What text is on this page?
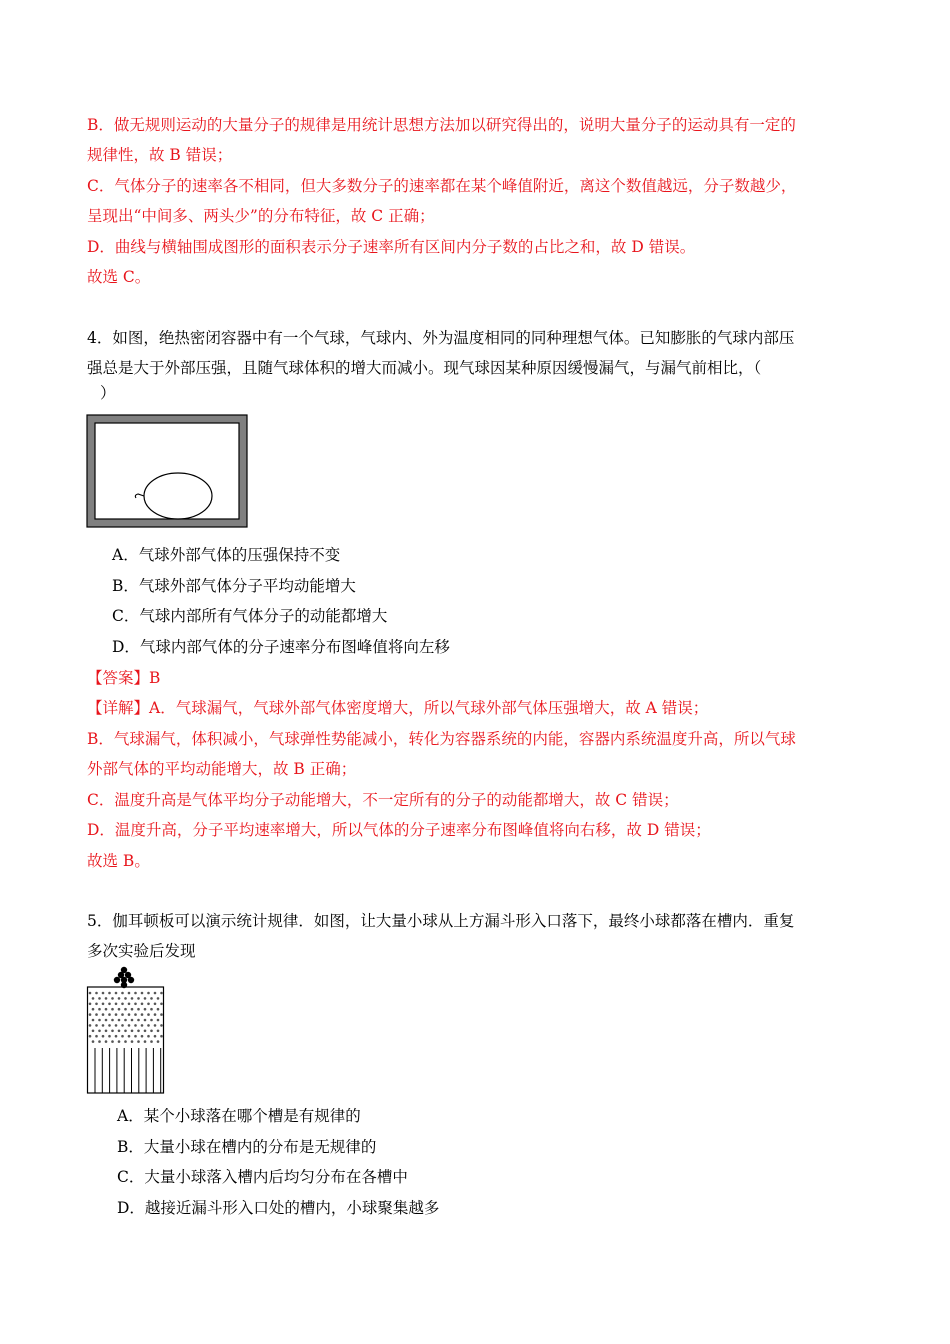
B．做无规则运动的大量分子的规律是用统计思想方法加以研究得出的，说明大量分子的运动具有一定的
规律性，故 B 错误；
C．气体分子的速率各不相同，但大多数分子的速率都在某个峰值附近，离这个数值越远，分子数越少，
呈现出“中间多、两头少”的分布特征，故 C 正确；
D．曲线与横轴围成图形的面积表示分子速率所有区间内分子数的占比之和，故 D 错误。
故选 C。
4．如图，绝热密闭容器中有一个气球，气球内、外为温度相同的同种理想气体。已知膨胀的气球内部压
强总是大于外部压强，且随气球体积的增大而减小。现气球因某种原因缓慢漏气，与漏气前相比，（
）
A．气球外部气体的压强保持不变
B．气球外部气体分子平均动能增大
C．气球内部所有气体分子的动能都增大
D．气球内部气体的分子速率分布图峰值将向左移
【答案】B
【详解】A．气球漏气，气球外部气体密度增大，所以气球外部气体压强增大，故 A 错误；
B．气球漏气，体积减小，气球弹性势能减小，转化为容器系统的内能，容器内系统温度升高，所以气球
外部气体的平均动能增大，故 B 正确；
C．温度升高是气体平均分子动能增大，不一定所有的分子的动能都增大，故 C 错误；
D．温度升高，分子平均速率增大，所以气体的分子速率分布图峰值将向右移，故 D 错误；
故选 B。
5．伽耳顿板可以演示统计规律．如图，让大量小球从上方漏斗形入口落下，最终小球都落在槽内．重复
多次实验后发现
A．某个小球落在哪个槽是有规律的
B．大量小球在槽内的分布是无规律的
C．大量小球落入槽内后均匀分布在各槽中
D．越接近漏斗形入口处的槽内，小球聚集越多
